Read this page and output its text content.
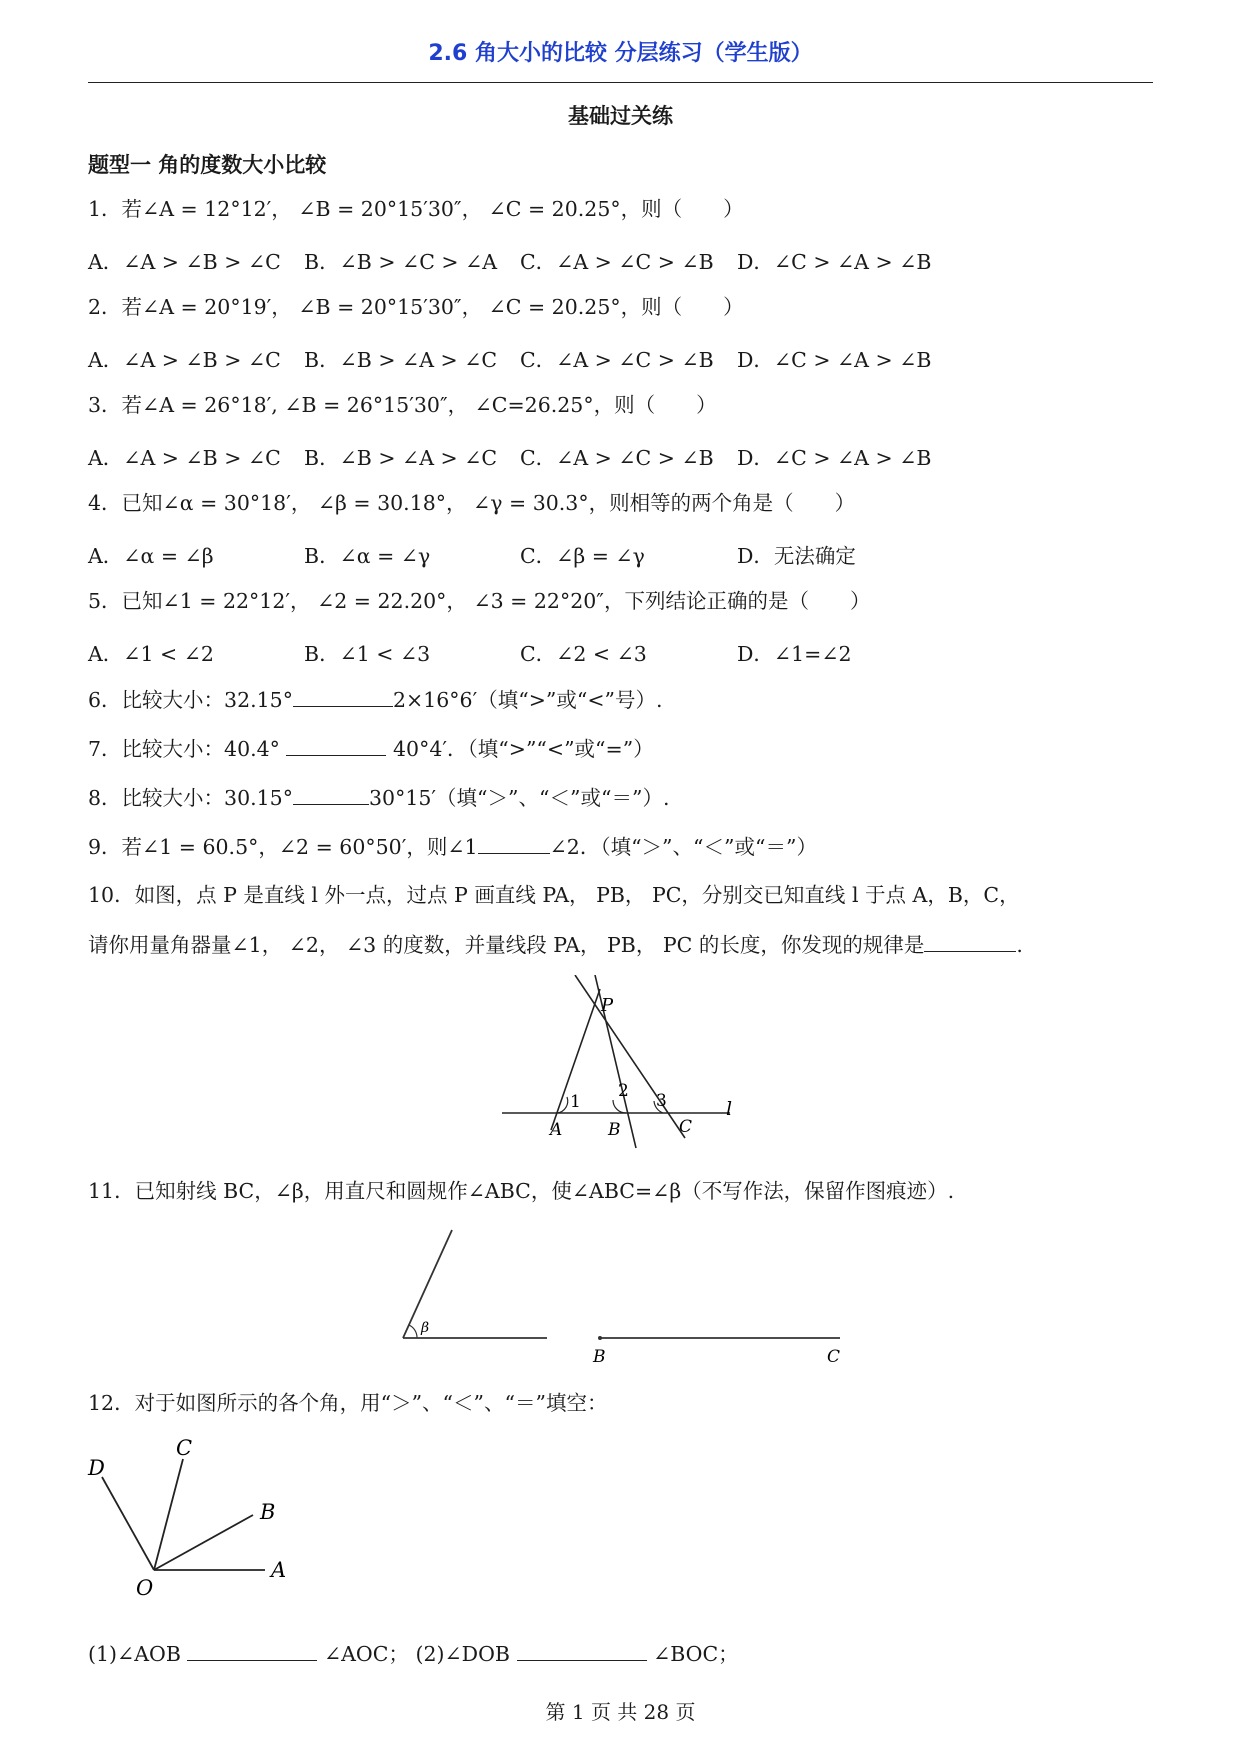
2.6 角大小的比较 分层练习（学生版）
基础过关练
题型一 角的度数大小比较
1．若∠A = 12°12′， ∠B = 20°15′30″， ∠C = 20.25°，则（　　）
A．∠A > ∠B > ∠C B．∠B > ∠C > ∠A C．∠A > ∠C > ∠B D．∠C > ∠A > ∠B
2．若∠A = 20°19′， ∠B = 20°15′30″， ∠C = 20.25°，则（　　）
A．∠A > ∠B > ∠C B．∠B > ∠A > ∠C C．∠A > ∠C > ∠B D．∠C > ∠A > ∠B
3．若∠A = 26°18′, ∠B = 26°15′30″， ∠C=26.25°，则（　　）
A．∠A > ∠B > ∠C B．∠B > ∠A > ∠C C．∠A > ∠C > ∠B D．∠C > ∠A > ∠B
4．已知∠α = 30°18′， ∠β = 30.18°， ∠γ = 30.3°，则相等的两个角是（　　）
A．∠α = ∠β	B．∠α = ∠γ	C．∠β = ∠γ	D．无法确定
5．已知∠1 = 22°12′， ∠2 = 22.20°， ∠3 = 22°20″，下列结论正确的是（　　）
A．∠1 < ∠2	B．∠1 < ∠3	C．∠2 < ∠3	D．∠1=∠2
6．比较大小：32.15°	2×16°6′（填“>”或“<”号）.
7．比较大小：40.4°	40°4′．（填“>”“<”或“=”）
8．比较大小：30.15°	30°15′（填“＞”、“＜”或“＝”）.
9．若∠1 = 60.5°，∠2 = 60°50′，则∠1	∠2．（填“＞”、“＜”或“＝”）
10．如图，点 P 是直线 l 外一点，过点 P 画直线 PA， PB， PC，分别交已知直线 l 于点 A，B，C，
请你用量角器量∠1， ∠2， ∠3 的度数，并量线段 PA， PB， PC 的长度，你发现的规律是	.
P
l
A	B	C
1
2 3
11．已知射线 BC，∠β，用直尺和圆规作∠ABC，使∠ABC=∠β（不写作法，保留作图痕迹）.
β
B	C
12．对于如图所示的各个角，用“＞”、“＜”、“＝”填空：
D
C
B
A
O
(1)∠AOB	∠AOC； (2)∠DOB	∠BOC；
第 1 页 共 28 页
